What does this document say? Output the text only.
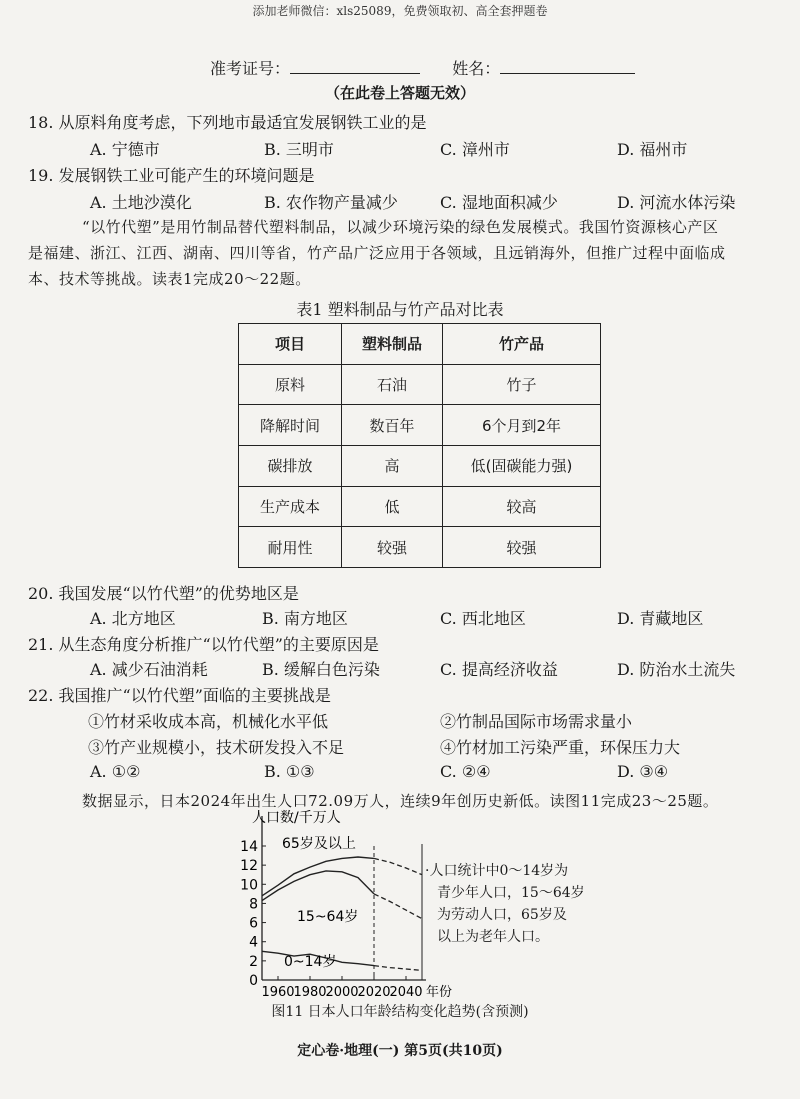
添加老师微信：xls25089，免费领取初、高全套押题卷
准考证号：	姓名：
（在此卷上答题无效）
18. 从原料角度考虑，下列地市最适宜发展钢铁工业的是
A. 宁德市	B. 三明市	C. 漳州市	D. 福州市
19. 发展钢铁工业可能产生的环境问题是
A. 土地沙漠化	B. 农作物产量减少	C. 湿地面积减少	D. 河流水体污染
“以竹代塑”是用竹制品替代塑料制品，以减少环境污染的绿色发展模式。我国竹资源核心产区
是福建、浙江、江西、湖南、四川等省，竹产品广泛应用于各领域，且远销海外，但推广过程中面临成
本、技术等挑战。读表1完成20～22题。
表1 塑料制品与竹产品对比表
项目	塑料制品	竹产品
原料	石油	竹子
降解时间	数百年	6个月到2年
碳排放	高	低(固碳能力强)
生产成本	低	较高
耐用性	较强	较强
20. 我国发展“以竹代塑”的优势地区是
A. 北方地区	B. 南方地区	C. 西北地区	D. 青藏地区
21. 从生态角度分析推广“以竹代塑”的主要原因是
A. 减少石油消耗	B. 缓解白色污染	C. 提高经济收益	D. 防治水土流失
22. 我国推广“以竹代塑”面临的主要挑战是
①竹材采收成本高，机械化水平低	②竹制品国际市场需求量小
③竹产业规模小，技术研发投入不足	④竹材加工污染严重，环保压力大
A. ①②	B. ①③	C. ②④	D. ③④
数据显示，日本2024年出生人口72.09万人，连续9年创历史新低。读图11完成23～25题。
0
2
4
6
8
10
12
14
1960
1980
2000
2020
2040
人口数/千万人
65岁及以上
15~64岁
0~14岁
年份
·人口统计中0～14岁为
青少年人口，15～64岁
为劳动人口，65岁及
以上为老年人口。
图11 日本人口年龄结构变化趋势(含预测)
定心卷·地理(一) 第5页(共10页)
